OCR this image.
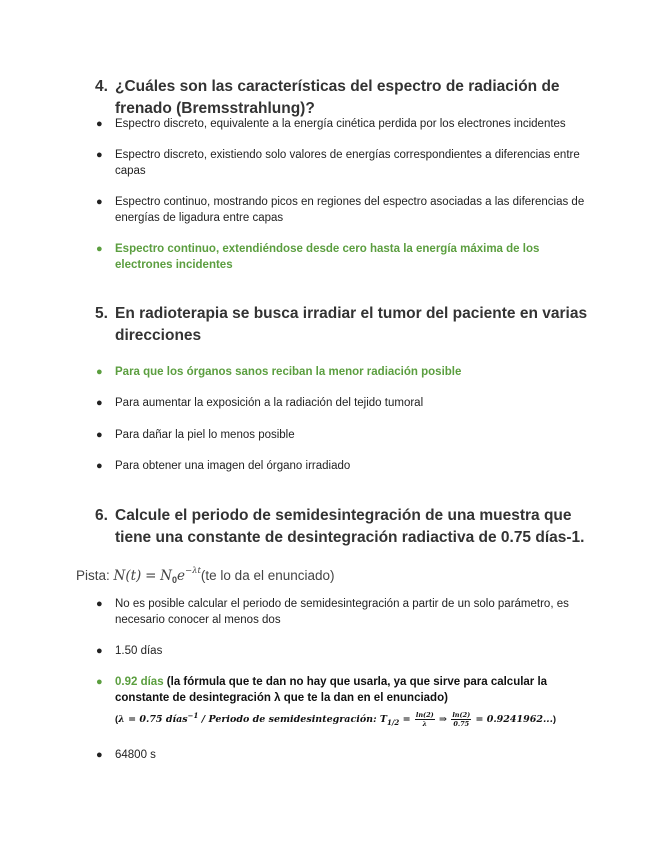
4. ¿Cuáles son las características del espectro de radiación de frenado (Bremsstrahlung)?
●	Espectro discreto, equivalente a la energía cinética perdida por los electrones incidentes
●	Espectro discreto, existiendo solo valores de energías correspondientes a diferencias entre capas
●	Espectro continuo, mostrando picos en regiones del espectro asociadas a las diferencias de energías de ligadura entre capas
●	Espectro continuo, extendiéndose desde cero hasta la energía máxima de los electrones incidentes
5. En radioterapia se busca irradiar el tumor del paciente en varias direcciones
●	Para que los órganos sanos reciban la menor radiación posible
●	Para aumentar la exposición a la radiación del tejido tumoral
●	Para dañar la piel lo menos posible
●	Para obtener una imagen del órgano irradiado
6. Calcule el periodo de semidesintegración de una muestra que tiene una constante de desintegración radiactiva de 0.75 días-1.
Pista: $N(t) = N_0e^{-\lambda t}(te$ lo da el enunciado)
●	No es posible calcular el periodo de semidesintegración a partir de un solo parámetro, es necesario conocer al menos dos
●	1.50 días
●	0.92 días (la fórmula que te dan no hay que usarla, ya que sirve para calcular la constante de desintegración λ que te la dan en el enunciado)
(λ = 0.75 días$^{-1}$ / Periodo de semidesintegración: $T_{1/2} = \frac{\ln(2)}{\lambda}$ ⇒ $\frac{\ln(2)}{0.75} = 0.9241962$...)
●	64800 s
